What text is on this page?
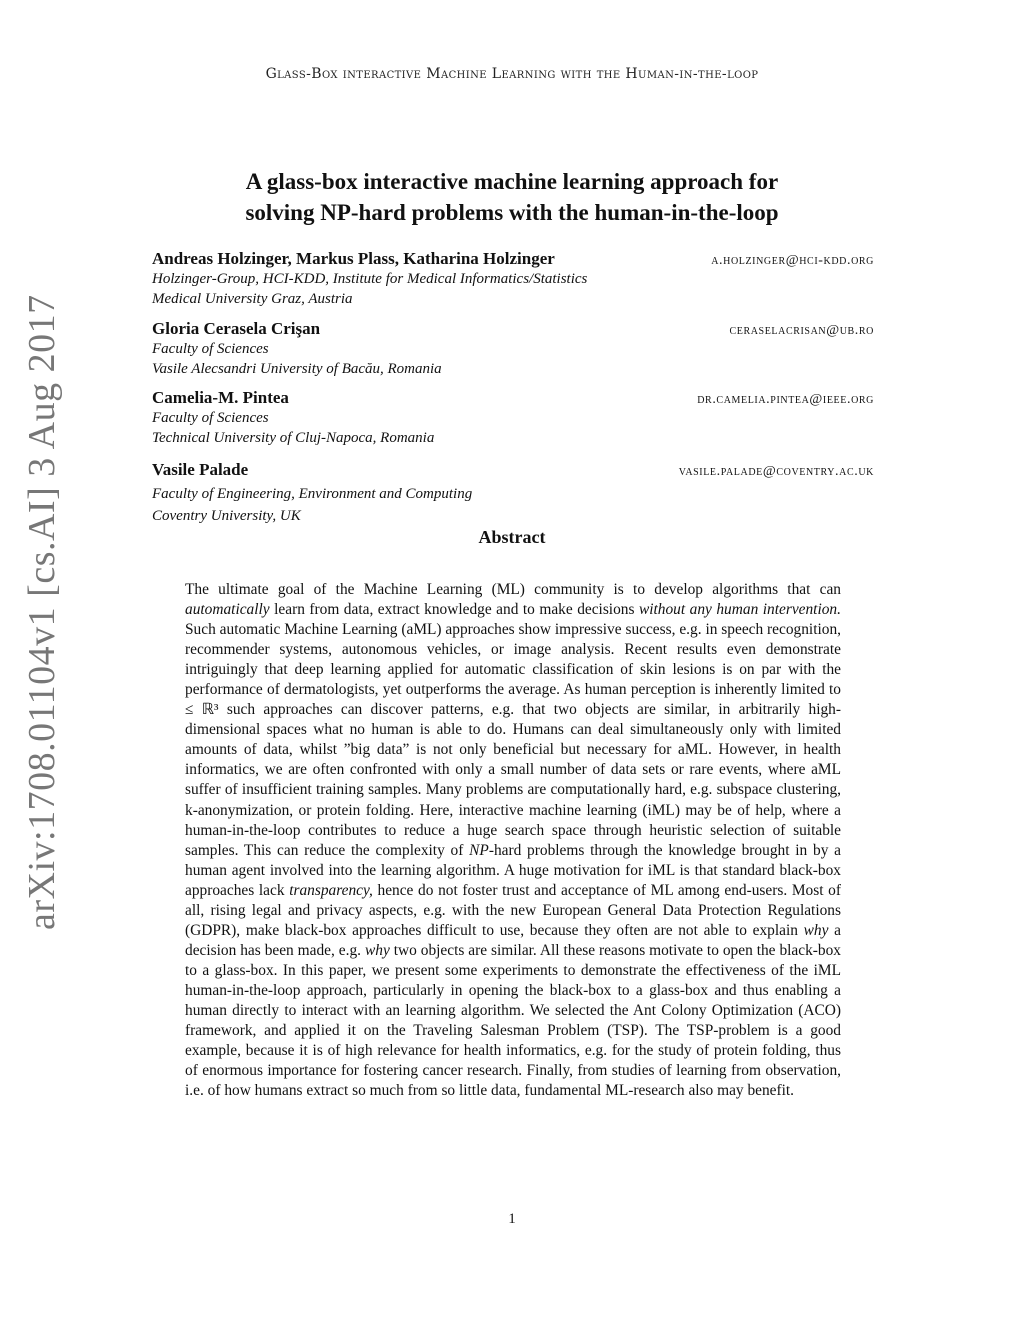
Glass-Box interactive Machine Learning with the Human-in-the-loop
arXiv:1708.01104v1 [cs.AI] 3 Aug 2017
A glass-box interactive machine learning approach for
solving NP-hard problems with the human-in-the-loop
Andreas Holzinger, Markus Plass, Katharina Holzinger	a.holzinger@hci-kdd.org
Holzinger-Group, HCI-KDD, Institute for Medical Informatics/Statistics
Medical University Graz, Austria
Gloria Cerasela Crişan	ceraselacrisan@ub.ro
Faculty of Sciences
Vasile Alecsandri University of Bacău, Romania
Camelia-M. Pintea	dr.camelia.pintea@ieee.org
Faculty of Sciences
Technical University of Cluj-Napoca, Romania
Vasile Palade	vasile.palade@coventry.ac.uk
Faculty of Engineering, Environment and Computing
Coventry University, UK
Abstract
The ultimate goal of the Machine Learning (ML) community is to develop algorithms that can automatically learn from data, extract knowledge and to make decisions without any human intervention. Such automatic Machine Learning (aML) approaches show impressive success, e.g. in speech recognition, recommender systems, autonomous vehicles, or image analysis. Recent results even demonstrate intriguingly that deep learning applied for automatic classification of skin lesions is on par with the performance of dermatologists, yet outperforms the average. As human perception is inherently limited to ≤ ℝ³ such approaches can discover patterns, e.g. that two objects are similar, in arbitrarily high-dimensional spaces what no human is able to do. Humans can deal simultaneously only with limited amounts of data, whilst ”big data” is not only beneficial but necessary for aML. However, in health informatics, we are often confronted with only a small number of data sets or rare events, where aML suffer of insufficient training samples. Many problems are computationally hard, e.g. subspace clustering, k-anonymization, or protein folding. Here, interactive machine learning (iML) may be of help, where a human-in-the-loop contributes to reduce a huge search space through heuristic selection of suitable samples. This can reduce the complexity of NP-hard problems through the knowledge brought in by a human agent involved into the learning algorithm. A huge motivation for iML is that standard black-box approaches lack transparency, hence do not foster trust and acceptance of ML among end-users. Most of all, rising legal and privacy aspects, e.g. with the new European General Data Protection Regulations (GDPR), make black-box approaches difficult to use, because they often are not able to explain why a decision has been made, e.g. why two objects are similar. All these reasons motivate to open the black-box to a glass-box. In this paper, we present some experiments to demonstrate the effectiveness of the iML human-in-the-loop approach, particularly in opening the black-box to a glass-box and thus enabling a human directly to interact with an learning algorithm. We selected the Ant Colony Optimization (ACO) framework, and applied it on the Traveling Salesman Problem (TSP). The TSP-problem is a good example, because it is of high relevance for health informatics, e.g. for the study of protein folding, thus of enormous importance for fostering cancer research. Finally, from studies of learning from observation, i.e. of how humans extract so much from so little data, fundamental ML-research also may benefit.
1
